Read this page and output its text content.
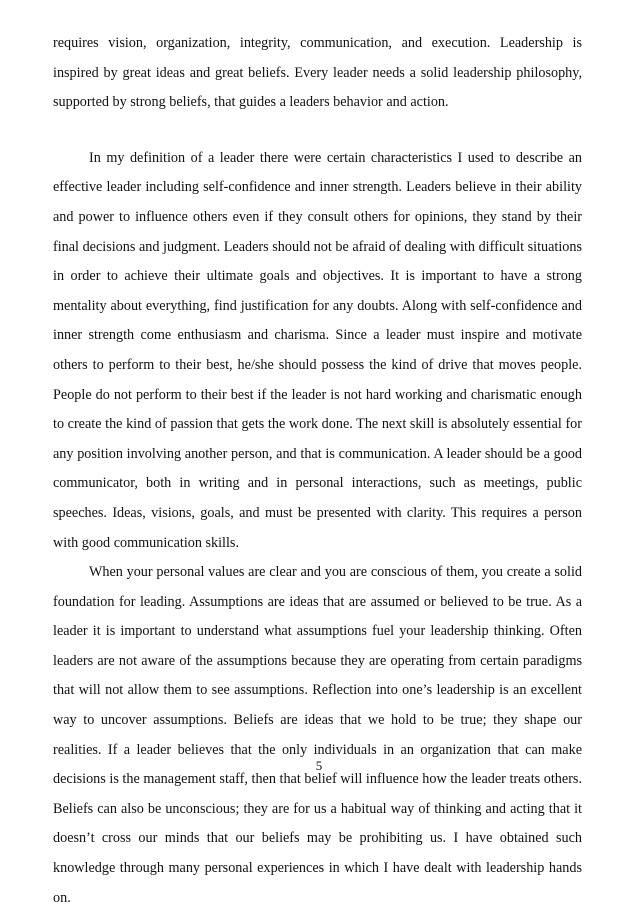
requires vision, organization, integrity, communication, and execution. Leadership is inspired by great ideas and great beliefs. Every leader needs a solid leadership philosophy, supported by strong beliefs, that guides a leaders behavior and action.

In my definition of a leader there were certain characteristics I used to describe an effective leader including self-confidence and inner strength. Leaders believe in their ability and power to influence others even if they consult others for opinions, they stand by their final decisions and judgment. Leaders should not be afraid of dealing with difficult situations in order to achieve their ultimate goals and objectives. It is important to have a strong mentality about everything, find justification for any doubts. Along with self-confidence and inner strength come enthusiasm and charisma. Since a leader must inspire and motivate others to perform to their best, he/she should possess the kind of drive that moves people. People do not perform to their best if the leader is not hard working and charismatic enough to create the kind of passion that gets the work done. The next skill is absolutely essential for any position involving another person, and that is communication. A leader should be a good communicator, both in writing and in personal interactions, such as meetings, public speeches. Ideas, visions, goals, and must be presented with clarity. This requires a person with good communication skills.

When your personal values are clear and you are conscious of them, you create a solid foundation for leading. Assumptions are ideas that are assumed or believed to be true. As a leader it is important to understand what assumptions fuel your leadership thinking. Often leaders are not aware of the assumptions because they are operating from certain paradigms that will not allow them to see assumptions. Reflection into one’s leadership is an excellent way to uncover assumptions. Beliefs are ideas that we hold to be true; they shape our realities. If a leader believes that the only individuals in an organization that can make decisions is the management staff, then that belief will influence how the leader treats others. Beliefs can also be unconscious; they are for us a habitual way of thinking and acting that it doesn’t cross our minds that our beliefs may be prohibiting us. I have obtained such knowledge through many personal experiences in which I have dealt with leadership hands on.

5
